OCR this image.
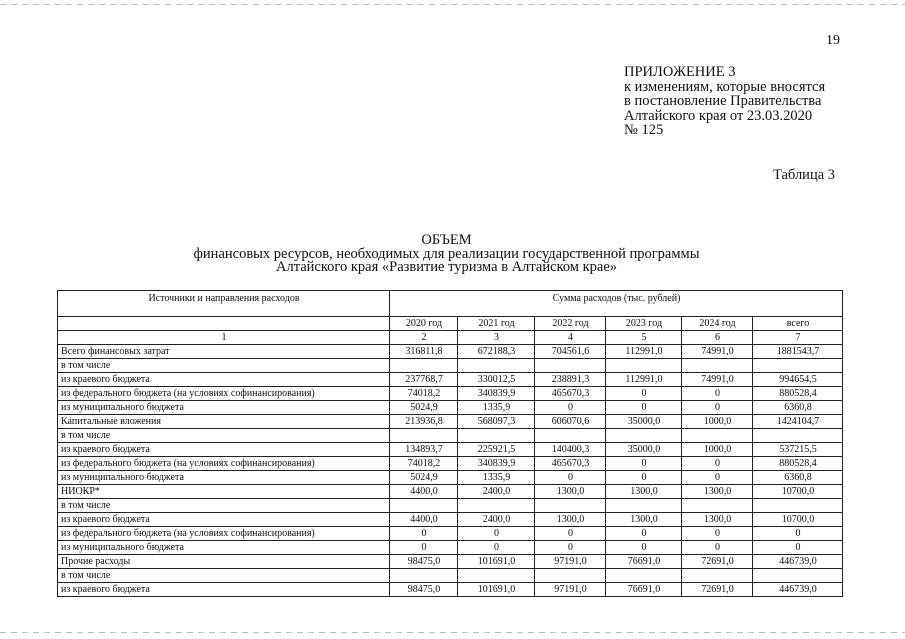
19
ПРИЛОЖЕНИЕ 3
к изменениям, которые вносятся
в постановление Правительства
Алтайского края от 23.03.2020
№ 125
Таблица 3
ОБЪЕМ
финансовых ресурсов, необходимых для реализации государственной программы
Алтайского края «Развитие туризма в Алтайском крае»
Источники и направления расходов	Сумма расходов (тыс. рублей)					
	2020 год	2021 год	2022 год	2023 год	2024 год	всего
1	2	3	4	5	6	7
Всего финансовых затрат	316811,8	672188,3	704561,6	112991,0	74991,0	1881543,7
в том числе						
из краевого бюджета	237768,7	330012,5	238891,3	112991,0	74991,0	994654,5
из федерального бюджета (на условиях софинансирования)	74018,2	340839,9	465670,3	0	0	880528,4
из муниципального бюджета	5024,9	1335,9	0	0	0	6360,8
Капитальные вложения	213936,8	568097,3	606070,6	35000,0	1000,0	1424104,7
в том числе						
из краевого бюджета	134893,7	225921,5	140400,3	35000,0	1000,0	537215,5
из федерального бюджета (на условиях софинансирования)	74018,2	340839,9	465670,3	0	0	880528,4
из муниципального бюджета	5024,9	1335,9	0	0	0	6360,8
НИОКР*	4400,0	2400,0	1300,0	1300,0	1300,0	10700,0
в том числе						
из краевого бюджета	4400,0	2400,0	1300,0	1300,0	1300,0	10700,0
из федерального бюджета (на условиях софинансирования)	0	0	0	0	0	0
из муниципального бюджета	0	0	0	0	0	0
Прочие расходы	98475,0	101691,0	97191,0	76691,0	72691,0	446739,0
в том числе						
из краевого бюджета	98475,0	101691,0	97191,0	76691,0	72691,0	446739,0
